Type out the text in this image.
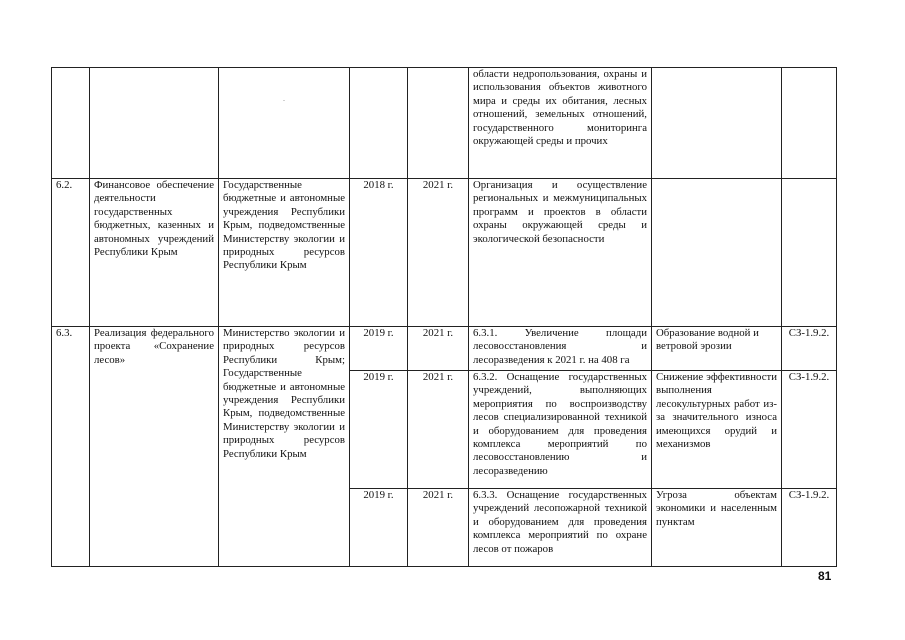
		.			области недропользования, охраны и использования объектов животного мира и среды их обитания, лесных отношений, земельных отношений, государственного мониторинга окружающей среды и прочих		
6.2.	Финансовое обеспечение деятельности государственных бюджетных, казенных и автономных учреждений Республики Крым	Государственные бюджетные и автономные учреждения Республики Крым, подведомственные Министерству экологии и природных ресурсов Республики Крым	2018 г.	2021 г.	Организация и осуществление региональных и межмуниципальных программ и проектов в области охраны окружающей среды и экологической безопасности		
6.3.	Реализация федерального проекта «Сохранение лесов»	Министерство экологии и природных ресурсов Республики Крым; Государственные бюджетные и автономные учреждения Республики Крым, подведомственные Министерству экологии и природных ресурсов Республики Крым	2019 г.	2021 г.	6.3.1. Увеличение площади лесовосстановления и лесоразведения к 2021 г. на 408 га	Образование водной и ветровой эрозии	СЗ-1.9.2.
			2019 г.	2021 г.	6.3.2. Оснащение государственных учреждений, выполняющих мероприятия по воспроизводству лесов специализированной техникой и оборудованием для проведения комплекса мероприятий по лесовосстановлению и лесоразведению	Снижение эффективности выполнения лесокультурных работ из-за значительного износа имеющихся орудий и механизмов	СЗ-1.9.2.
			2019 г.	2021 г.	6.3.3. Оснащение государственных учреждений лесопожарной техникой и оборудованием для проведения комплекса мероприятий по охране лесов от пожаров	Угроза объектам экономики и населенным пунктам	СЗ-1.9.2.
81
